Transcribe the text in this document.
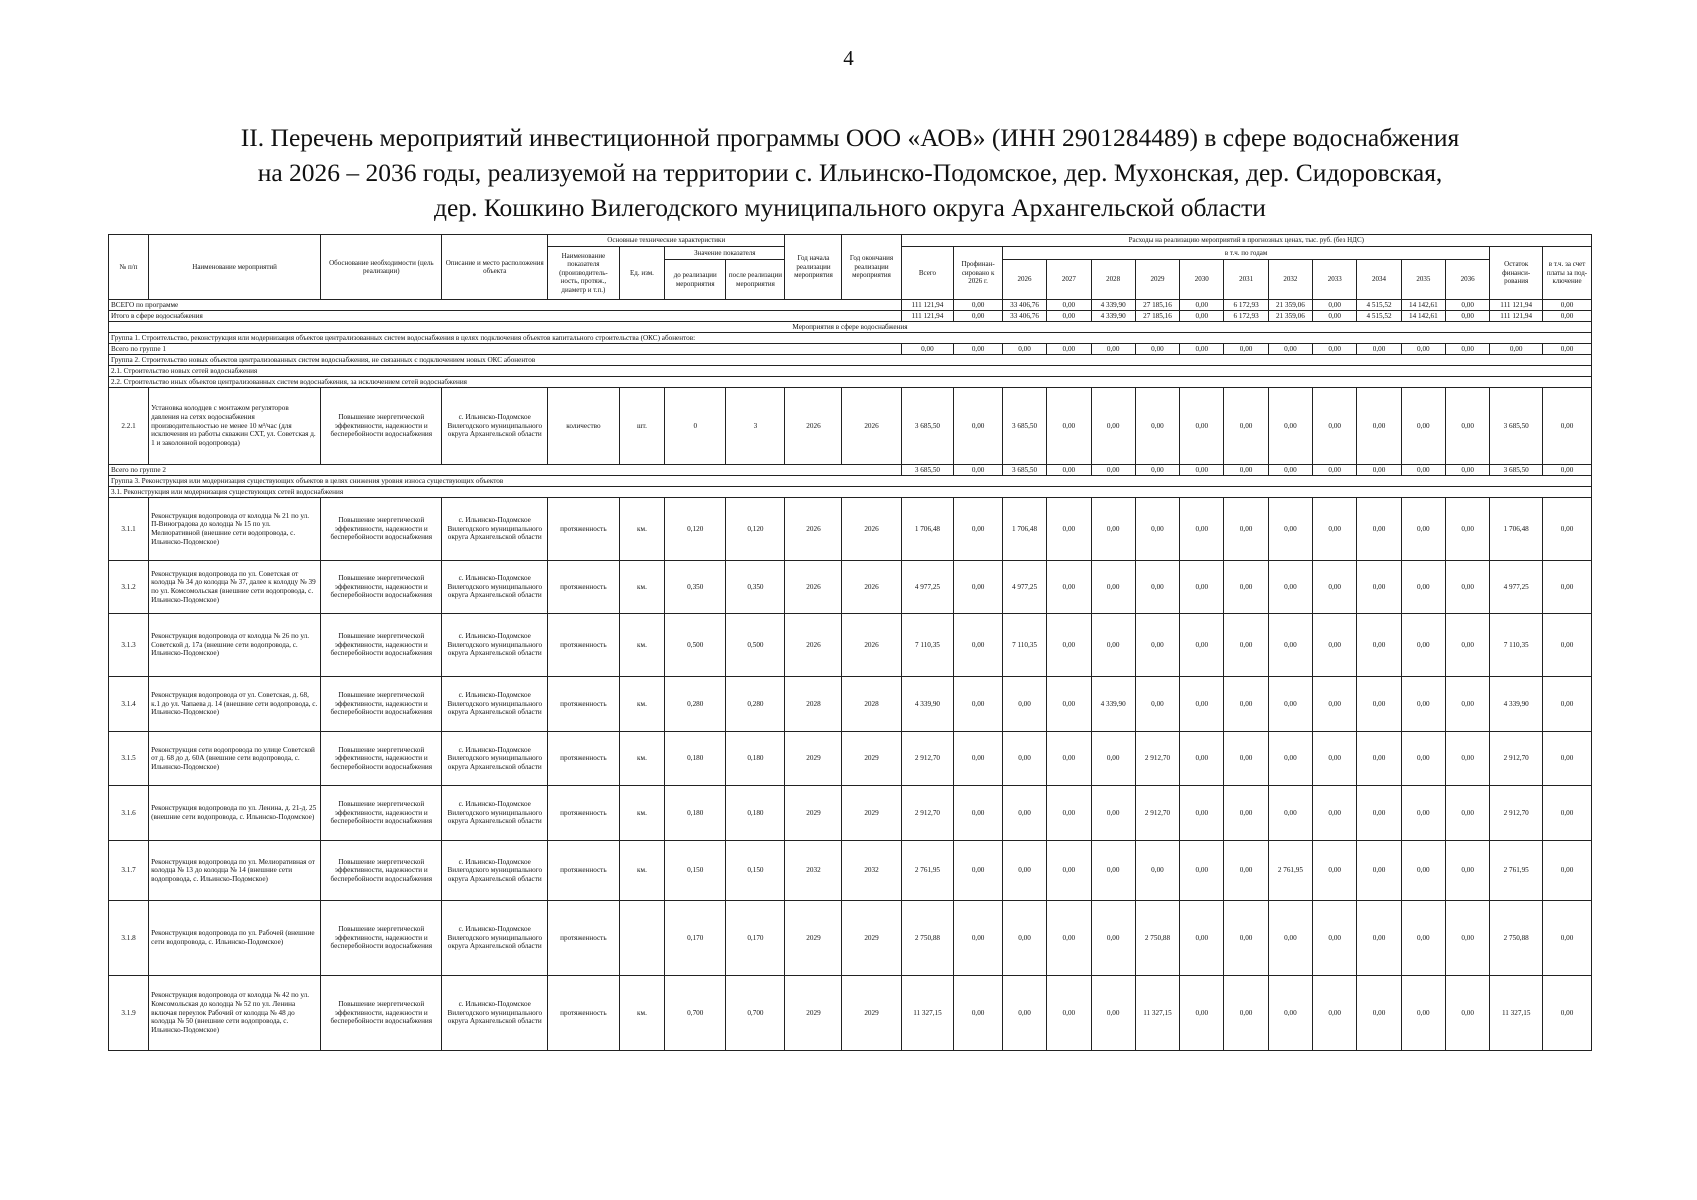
4
II. Перечень мероприятий инвестиционной программы ООО «АОВ» (ИНН 2901284489) в сфере водоснабжения
на 2026 – 2036 годы, реализуемой на территории с. Ильинско-Подомское, дер. Мухонская, дер. Сидоровская,
дер. Кошкино Вилегодского муниципального округа Архангельской области
№ п/п	Наименование мероприятий	Обоснование необходимости (цель реализации)	Описание и место расположения объекта	Основные технические характеристики				Год начала реализации мероприятия	Год окончания реализации мероприятия	Расходы на реализацию мероприятий в прогнозных ценах, тыс. руб. (без НДС)														
				Наименование показателя (производитель-ность, протяж., диаметр и т.п.)	Ед. изм.	Значение показателя				Всего	Профинан-сировано к 2026 г.	в т.ч. по годам											Остаток финанси-рования	в т.ч. за счет платы за под-ключение
						до реализации мероприятия	после реализации мероприятия					2026	2027	2028	2029	2030	2031	2032	2033	2034	2035	2036		
ВСЕГО по программе										111 121,94	0,00	33 406,76	0,00	4 339,90	27 185,16	0,00	6 172,93	21 359,06	0,00	4 515,52	14 142,61	0,00	111 121,94	0,00
Итого в сфере водоснабжения										111 121,94	0,00	33 406,76	0,00	4 339,90	27 185,16	0,00	6 172,93	21 359,06	0,00	4 515,52	14 142,61	0,00	111 121,94	0,00
Мероприятия в сфере водоснабжения																								
Группа 1. Строительство, реконструкция или модернизация объектов централизованных систем водоснабжения в целях подключения объектов капитального строительства (ОКС) абонентов:																								
Всего по группе 1										0,00	0,00	0,00	0,00	0,00	0,00	0,00	0,00	0,00	0,00	0,00	0,00	0,00	0,00	0,00
Группа 2. Строительство новых объектов централизованных систем водоснабжения, не связанных с подключением новых ОКС абонентов																								
2.1. Строительство новых сетей водоснабжения																								
2.2. Строительство иных объектов централизованных систем водоснабжения, за исключением сетей водоснабжения																								
2.2.1	Установка колодцев с монтажом регуляторов давления на сетях водоснабжения производительностью не менее 10 м³/час (для исключения из работы скважин СХТ, ул. Советская д. 1 и заколонной водопровода)	Повышение энергетической эффективности, надежности и бесперебойности водоснабжения	с. Ильинско-Подомское Вилегодского муниципального округа Архангельской области	количество	шт.	0	3	2026	2026	3 685,50	0,00	3 685,50	0,00	0,00	0,00	0,00	0,00	0,00	0,00	0,00	0,00	0,00	3 685,50	0,00
Всего по группе 2										3 685,50	0,00	3 685,50	0,00	0,00	0,00	0,00	0,00	0,00	0,00	0,00	0,00	0,00	3 685,50	0,00
Группа 3. Реконструкция или модернизация существующих объектов в целях снижения уровня износа существующих объектов																								
3.1. Реконструкция или модернизация существующих сетей водоснабжения																								
3.1.1	Реконструкция водопровода от колодца № 21 по ул. П-Виноградова до колодца № 15 по ул. Мелиоративной (внешние сети водопровода, с. Ильинско-Подомское)	Повышение энергетической эффективности, надежности и бесперебойности водоснабжения	с. Ильинско-Подомское Вилегодского муниципального округа Архангельской области	протяженность	км.	0,120	0,120	2026	2026	1 706,48	0,00	1 706,48	0,00	0,00	0,00	0,00	0,00	0,00	0,00	0,00	0,00	0,00	1 706,48	0,00
3.1.2	Реконструкция водопровода по ул. Советская от колодца № 34 до колодца № 37, далее к колодцу № 39 по ул. Комсомольская (внешние сети водопровода, с. Ильинско-Подомское)	Повышение энергетической эффективности, надежности и бесперебойности водоснабжения	с. Ильинско-Подомское Вилегодского муниципального округа Архангельской области	протяженность	км.	0,350	0,350	2026	2026	4 977,25	0,00	4 977,25	0,00	0,00	0,00	0,00	0,00	0,00	0,00	0,00	0,00	0,00	4 977,25	0,00
3.1.3	Реконструкция водопровода от колодца № 26 по ул. Советской д. 17а (внешние сети водопровода, с. Ильинско-Подомское)	Повышение энергетической эффективности, надежности и бесперебойности водоснабжения	с. Ильинско-Подомское Вилегодского муниципального округа Архангельской области	протяженность	км.	0,500	0,500	2026	2026	7 110,35	0,00	7 110,35	0,00	0,00	0,00	0,00	0,00	0,00	0,00	0,00	0,00	0,00	7 110,35	0,00
3.1.4	Реконструкция водопровода от ул. Советская, д. 68, к.1 до ул. Чапаева д. 14 (внешние сети водопровода, с. Ильинско-Подомское)	Повышение энергетической эффективности, надежности и бесперебойности водоснабжения	с. Ильинско-Подомское Вилегодского муниципального округа Архангельской области	протяженность	км.	0,280	0,280	2028	2028	4 339,90	0,00	0,00	0,00	4 339,90	0,00	0,00	0,00	0,00	0,00	0,00	0,00	0,00	4 339,90	0,00
3.1.5	Реконструкция сети водопровода по улице Советской от д. 68 до д. 60А (внешние сети водопровода, с. Ильинско-Подомское)	Повышение энергетической эффективности, надежности и бесперебойности водоснабжения	с. Ильинско-Подомское Вилегодского муниципального округа Архангельской области	протяженность	км.	0,180	0,180	2029	2029	2 912,70	0,00	0,00	0,00	0,00	2 912,70	0,00	0,00	0,00	0,00	0,00	0,00	0,00	2 912,70	0,00
3.1.6	Реконструкция водопровода по ул. Ленина, д. 21-д. 25 (внешние сети водопровода, с. Ильинско-Подомское)	Повышение энергетической эффективности, надежности и бесперебойности водоснабжения	с. Ильинско-Подомское Вилегодского муниципального округа Архангельской области	протяженность	км.	0,180	0,180	2029	2029	2 912,70	0,00	0,00	0,00	0,00	2 912,70	0,00	0,00	0,00	0,00	0,00	0,00	0,00	2 912,70	0,00
3.1.7	Реконструкция водопровода по ул. Мелиоративная от колодца № 13 до колодца № 14 (внешние сети водопровода, с. Ильинско-Подомское)	Повышение энергетической эффективности, надежности и бесперебойности водоснабжения	с. Ильинско-Подомское Вилегодского муниципального округа Архангельской области	протяженность	км.	0,150	0,150	2032	2032	2 761,95	0,00	0,00	0,00	0,00	0,00	0,00	0,00	2 761,95	0,00	0,00	0,00	0,00	2 761,95	0,00
3.1.8	Реконструкция водопровода по ул. Рабочей (внешние сети водопровода, с. Ильинско-Подомское)	Повышение энергетической эффективности, надежности и бесперебойности водоснабжения	с. Ильинско-Подомское Вилегодского муниципального округа Архангельской области	протяженность		0,170	0,170	2029	2029	2 750,88	0,00	0,00	0,00	0,00	2 750,88	0,00	0,00	0,00	0,00	0,00	0,00	0,00	2 750,88	0,00
3.1.9	Реконструкция водопровода от колодца № 42 по ул. Комсомольская до колодца № 52 по ул. Ленина включая переулок Рабочий от колодца № 48 до колодца № 50 (внешние сети водопровода, с. Ильинско-Подомское)	Повышение энергетической эффективности, надежности и бесперебойности водоснабжения	с. Ильинско-Подомское Вилегодского муниципального округа Архангельской области	протяженность	км.	0,700	0,700	2029	2029	11 327,15	0,00	0,00	0,00	0,00	11 327,15	0,00	0,00	0,00	0,00	0,00	0,00	0,00	11 327,15	0,00
